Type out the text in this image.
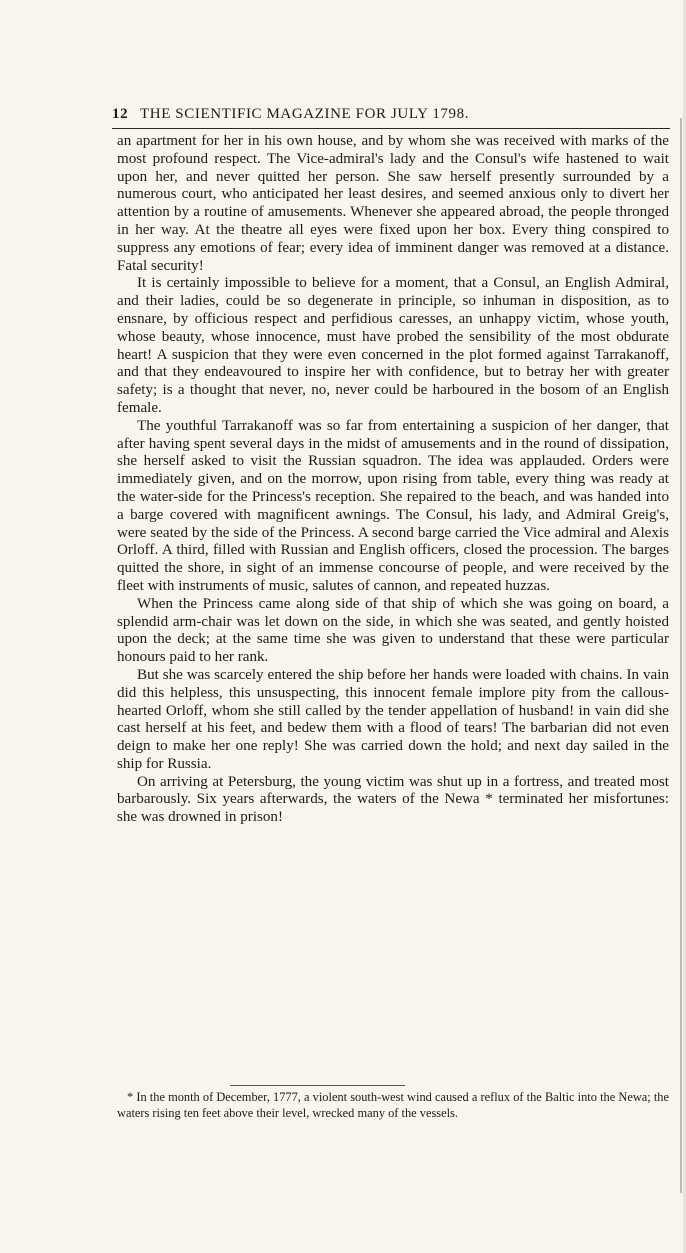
12 THE SCIENTIFIC MAGAZINE FOR JULY 1798.

an apartment for her in his own house, and by whom she was received with marks of the most profound respect. The Vice-admiral's lady and the Consul's wife hastened to wait upon her, and never quitted her person. She saw herself presently surrounded by a numerous court, who anticipated her least desires, and seemed anxious only to divert her attention by a routine of amusements. Whenever she appeared abroad, the people thronged in her way. At the theatre all eyes were fixed upon her box. Every thing conspired to suppress any emotions of fear; every idea of imminent danger was removed at a distance. Fatal security!

It is certainly impossible to believe for a moment, that a Consul, an English Admiral, and their ladies, could be so degenerate in principle, so inhuman in disposition, as to ensnare, by officious respect and perfidious caresses, an unhappy victim, whose youth, whose beauty, whose innocence, must have probed the sensibility of the most obdurate heart! A suspicion that they were even concerned in the plot formed against Tarrakanoff, and that they endeavoured to inspire her with confidence, but to betray her with greater safety; is a thought that never, no, never could be harboured in the bosom of an English female.

The youthful Tarrakanoff was so far from entertaining a suspicion of her danger, that after having spent several days in the midst of amusements and in the round of dissipation, she herself asked to visit the Russian squadron. The idea was applauded. Orders were immediately given, and on the morrow, upon rising from table, every thing was ready at the water-side for the Princess's reception. She repaired to the beach, and was handed into a barge covered with magnificent awnings. The Consul, his lady, and Admiral Greig's, were seated by the side of the Princess. A second barge carried the Vice admiral and Alexis Orloff. A third, filled with Russian and English officers, closed the procession. The barges quitted the shore, in sight of an immense concourse of people, and were received by the fleet with instruments of music, salutes of cannon, and repeated huzzas.

When the Princess came along side of that ship of which she was going on board, a splendid arm-chair was let down on the side, in which she was seated, and gently hoisted upon the deck; at the same time she was given to understand that these were particular honours paid to her rank.

But she was scarcely entered the ship before her hands were loaded with chains. In vain did this helpless, this unsuspecting, this innocent female implore pity from the callous-hearted Orloff, whom she still called by the tender appellation of husband! in vain did she cast herself at his feet, and bedew them with a flood of tears! The barbarian did not even deign to make her one reply! She was carried down the hold; and next day sailed in the ship for Russia.

On arriving at Petersburg, the young victim was shut up in a fortress, and treated most barbarously. Six years afterwards, the waters of the Newa * terminated her misfortunes: she was drowned in prison!

* In the month of December, 1777, a violent south-west wind caused a reflux of the Baltic into the Newa; the waters rising ten feet above their level, wrecked many of the vessels.
